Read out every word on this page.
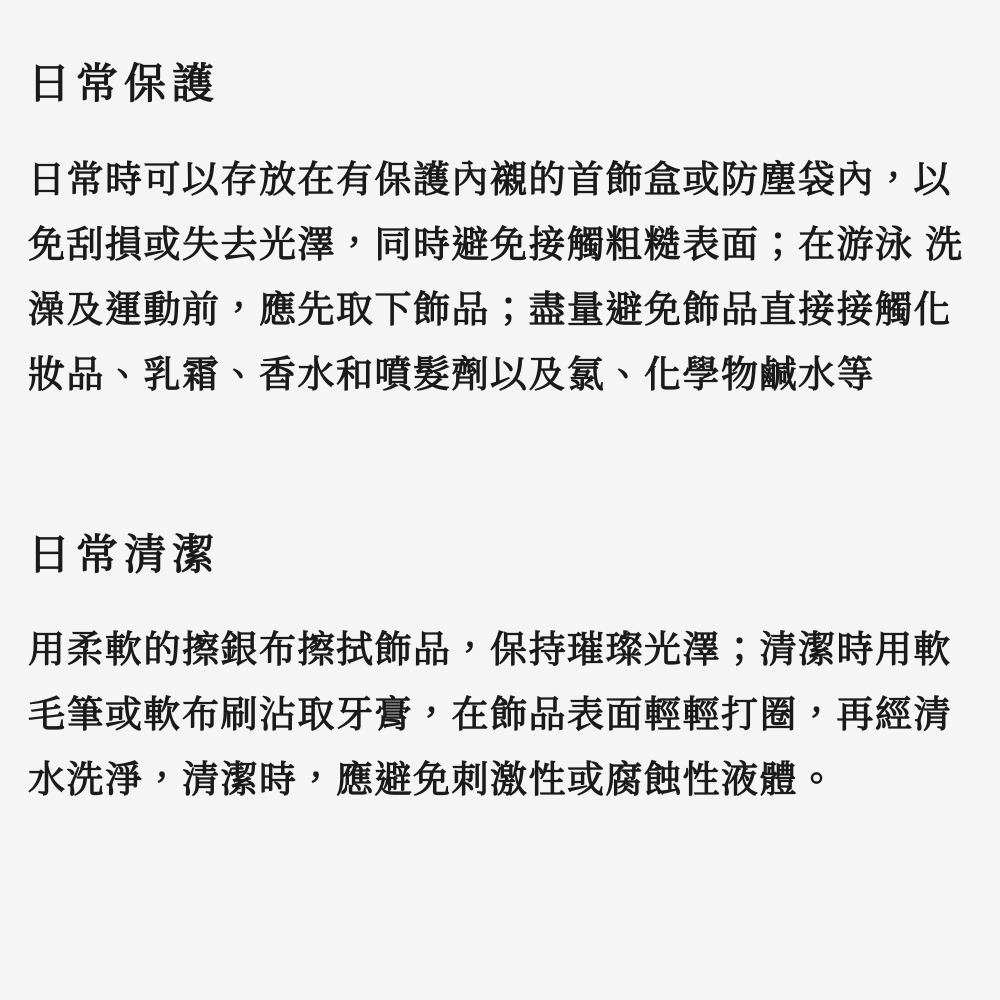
日常保護

日常時可以存放在有保護內襯的首飾盒或防塵袋內，以免刮損或失去光澤，同時避免接觸粗糙表面；在游泳 洗澡及運動前，應先取下飾品；盡量避免飾品直接接觸化妝品、乳霜、香水和噴髮劑以及氯、化學物鹹水等

日常清潔

用柔軟的擦銀布擦拭飾品，保持璀璨光澤；清潔時用軟毛筆或軟布刷沾取牙膏，在飾品表面輕輕打圈，再經清水洗淨，清潔時，應避免刺激性或腐蝕性液體。
